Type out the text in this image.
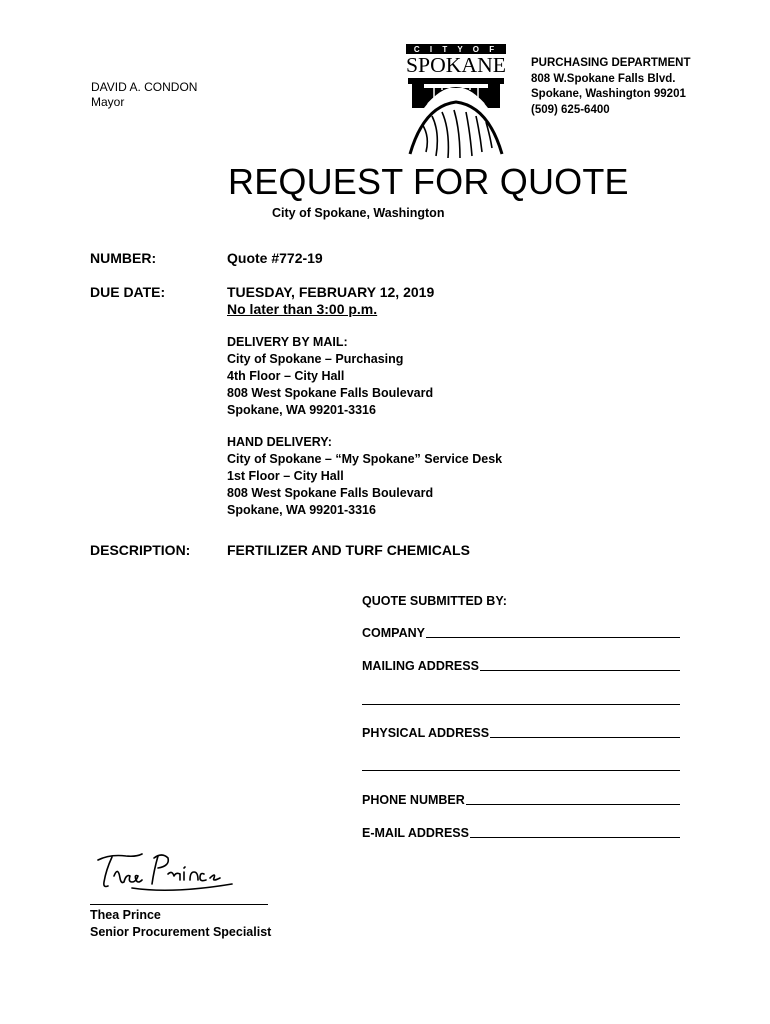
DAVID A. CONDON
Mayor
C I T Y O F
SPOKANE PURCHASING DEPARTMENT
808 W.Spokane Falls Blvd.
Spokane, Washington 99201
(509) 625-6400
REQUEST FOR QUOTE
City of Spokane, Washington
NUMBER:	Quote #772-19
DUE DATE:	TUESDAY, FEBRUARY 12, 2019
No later than 3:00 p.m.
DELIVERY BY MAIL:
City of Spokane – Purchasing
4th Floor – City Hall
808 West Spokane Falls Boulevard
Spokane, WA 99201-3316
HAND DELIVERY:
City of Spokane – “My Spokane” Service Desk
1st Floor – City Hall
808 West Spokane Falls Boulevard
Spokane, WA 99201-3316
DESCRIPTION:	FERTILIZER AND TURF CHEMICALS
QUOTE SUBMITTED BY:
COMPANY
MAILING ADDRESS
PHYSICAL ADDRESS
PHONE NUMBER
E-MAIL ADDRESS
Thea Prince
Senior Procurement Specialist
